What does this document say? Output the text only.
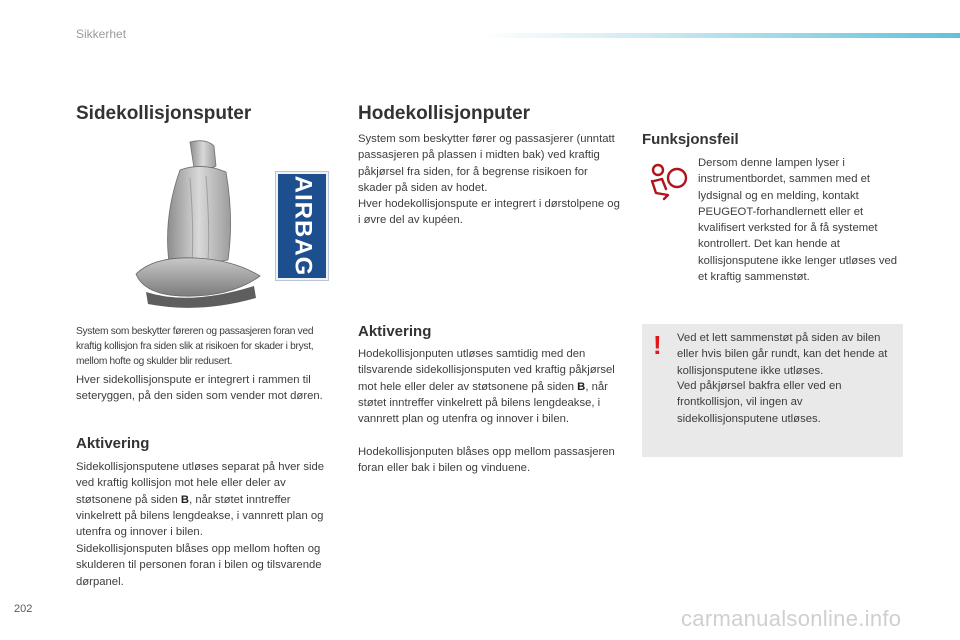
Sikkerhet
Sidekollisjonsputer
AIRBAG

System som beskytter føreren og passasjeren foran ved kraftig kollisjon fra siden slik at risikoen for skader i bryst, mellom hofte og skulder blir redusert.

Hver sidekollisjonspute er integrert i rammen til seteryggen, på den siden som vender mot døren.

Aktivering

Sidekollisjonsputene utløses separat på hver side ved kraftig kollisjon mot hele eller deler av støtsonene på siden B, når støtet inntreffer vinkelrett på bilens lengdeakse, i vannrett plan og utenfra og innover i bilen.

Sidekollisjonsputen blåses opp mellom hoften og skulderen til personen foran i bilen og tilsvarende dørpanel.

Hodekollisjonputer

System som beskytter fører og passasjerer (unntatt passasjeren på plassen i midten bak) ved kraftig påkjørsel fra siden, for å begrense risikoen for skader på siden av hodet.

Hver hodekollisjonspute er integrert i dørstolpene og i øvre del av kupéen.

Aktivering

Hodekollisjonputen utløses samtidig med den tilsvarende sidekollisjonsputen ved kraftig påkjørsel mot hele eller deler av støtsonene på siden B, når støtet inntreffer vinkelrett på bilens lengdeakse, i vannrett plan og utenfra og innover i bilen.

Hodekollisjonputen blåses opp mellom passasjeren foran eller bak i bilen og vinduene.

Funksjonsfeil

Dersom denne lampen lyser i instrumentbordet, sammen med et lydsignal og en melding, kontakt PEUGEOT-forhandlernett eller et kvalifisert verksted for å få systemet kontrollert. Det kan hende at kollisjonsputene ikke lenger utløses ved et kraftig sammenstøt.

! Ved et lett sammenstøt på siden av bilen eller hvis bilen går rundt, kan det hende at kollisjonsputene ikke utløses.

Ved påkjørsel bakfra eller ved en frontkollisjon, vil ingen av sidekollisjonsputene utløses.

202	carmanualsonline.info
